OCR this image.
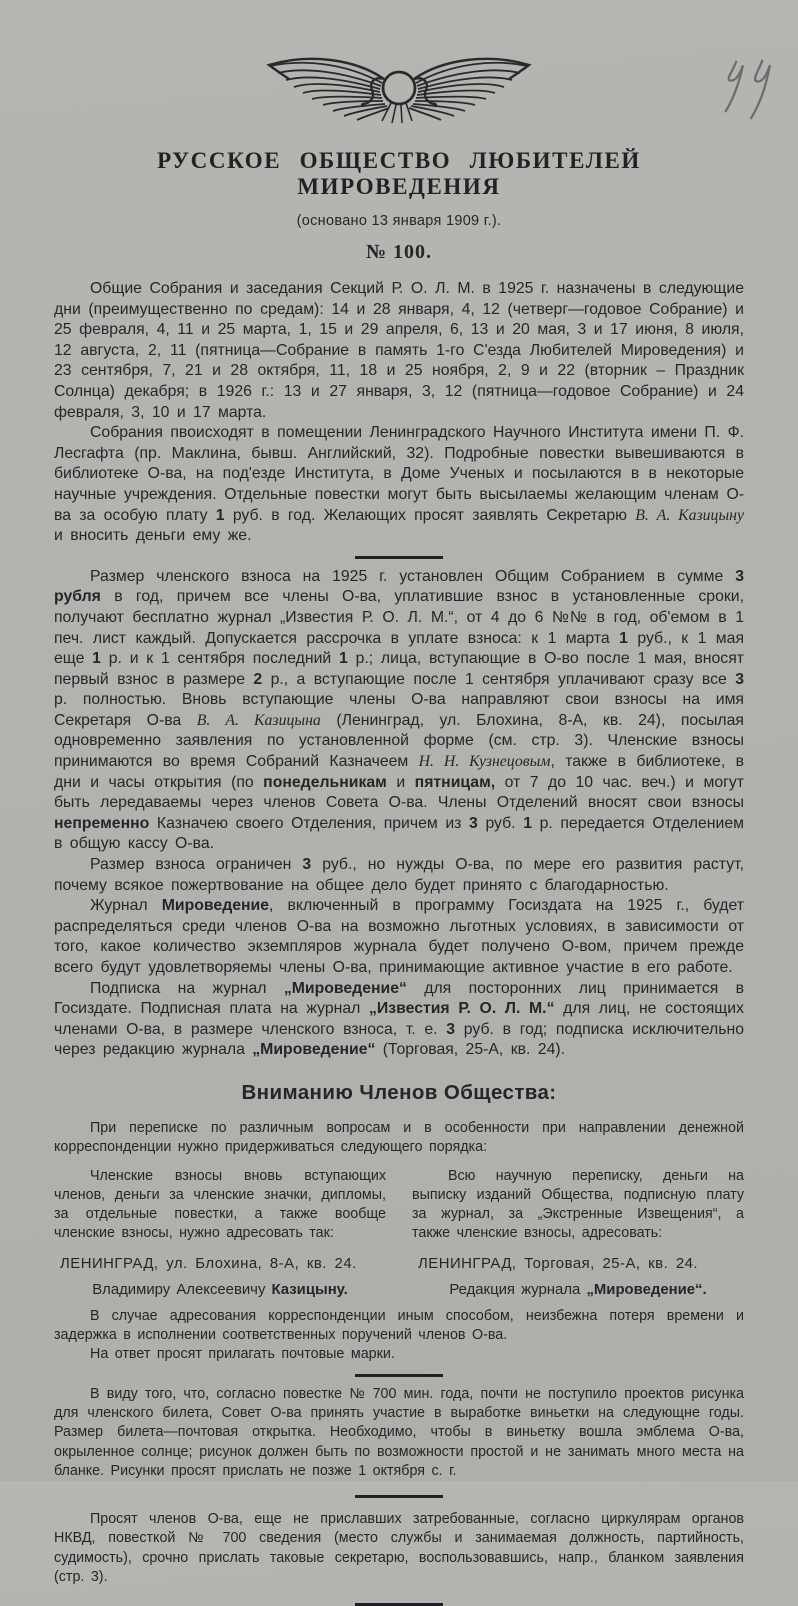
РУССКОЕ ОБЩЕСТВО ЛЮБИТЕЛЕЙ МИРОВЕДЕНИЯ
(основано 13 января 1909 г.).
№ 100.

Общие Собрания и заседания Секций Р. О. Л. М. в 1925 г. назначены в следующие дни (преимущественно по средам): 14 и 28 января, 4, 12 (четверг—годовое Собрание) и 25 февраля, 4, 11 и 25 марта, 1, 15 и 29 апреля, 6, 13 и 20 мая, 3 и 17 июня, 8 июля, 12 августа, 2, 11 (пятница—Собрание в память 1-го С'езда Любителей Мироведения) и 23 сентября, 7, 21 и 28 октября, 11, 18 и 25 ноября, 2, 9 и 22 (вторник – Праздник Солнца) декабря; в 1926 г.: 13 и 27 января, 3, 12 (пятница—годовое Собрание) и 24 февраля, 3, 10 и 17 марта.

Собрания пвоисходят в помещении Ленинградского Научного Института имени П. Ф. Лесгафта (пр. Маклина, бывш. Английский, 32). Подробные повестки вывешиваются в библиотеке О-ва, на под'езде Института, в Доме Ученых и посылаются в в некоторые научные учреждения. Отдельные повестки могут быть высылаемы желающим членам О-ва за особую плату 1 руб. в год. Желающих просят заявлять Секретарю В. А. Казицыну и вносить деньги ему же.

Размер членского взноса на 1925 г. установлен Общим Собранием в сумме 3 рубля в год, причем все члены О-ва, уплатившие взнос в установленные сроки, получают бесплатно журнал „Известия Р. О. Л. М.“, от 4 до 6 №№ в год, об'емом в 1 печ. лист каждый. Допускается рассрочка в уплате взноса: к 1 марта 1 руб., к 1 мая еще 1 р. и к 1 сентября последний 1 р.; лица, вступающие в О-во после 1 мая, вносят первый взнос в размере 2 р., а вступающие после 1 сентября уплачивают сразу все 3 р. полностью. Вновь вступающие члены О-ва направляют свои взносы на имя Секретаря О-ва В. А. Казицына (Ленинград, ул. Блохина, 8-А, кв. 24), посылая одновременно заявления по установленной форме (см. стр. 3). Членские взносы принимаются во время Собраний Казначеем Н. Н. Кузнецовым, также в библиотеке, в дни и часы открытия (по понедельникам и пятницам, от 7 до 10 час. веч.) и могут быть лередаваемы через членов Совета О-ва. Члены Отделений вносят свои взносы непременно Казначею своего Отделения, причем из 3 руб. 1 р. передается Отделением в общую кассу О-ва.

Размер взноса ограничен 3 руб., но нужды О-ва, по мере его развития растут, почему всякое пожертвование на общее дело будет принято с благодарностью.

Журнал Мироведение, включенный в программу Госиздата на 1925 г., будет распределяться среди членов О-ва на возможно льготных условиях, в зависимости от того, какое количество экземпляров журнала будет получено О-вом, причем прежде всего будут удовлетворяемы члены О-ва, принимающие активное участие в его работе.

Подписка на журнал „Мироведение“ для посторонних лиц принимается в Госиздате. Подписная плата на журнал „Известия Р. О. Л. М.“ для лиц, не состоящих членами О-ва, в размере членского взноса, т. е. 3 руб. в год; подписка исключительно через редакцию журнала „Мироведение“ (Торговая, 25-А, кв. 24).

Вниманию Членов Общества:

При переписке по различным вопросам и в особенности при направлении денежной корреспонденции нужно придерживаться следующего порядка:

Членские взносы вновь вступающих членов, деньги за членские значки, дипломы, за отдельные повестки, а также вообще членские взносы, нужно адресовать так:

ЛЕНИНГРАД, ул. Блохина, 8-А, кв. 24.
Владимиру Алексеевичу Казицыну.

Всю научную переписку, деньги на выписку изданий Общества, подписную плату за журнал, за „Экстренные Извещения“, а также членские взносы, адресовать:

ЛЕНИНГРАД, Торговая, 25-А, кв. 24.
Редакция журнала „Мироведение“.

В случае адресования корреспонденции иным способом, неизбежна потеря времени и задержка в исполнении соответственных поручений членов О-ва.

На ответ просят прилагать почтовые марки.

В виду того, что, согласно повестке № 700 мин. года, почти не поступило проектов рисунка для членского билета, Совет О-ва принять участие в выработке виньетки на следующне годы. Размер билета—почтовая открытка. Необходимо, чтобы в виньетку вошла эмблема О-ва, окрыленное солнце; рисунок должен быть по возможности простой и не занимать много места на бланке. Рисунки просят прислать не позже 1 октября с. г.

Просят членов О-ва, еще не приславших затребованные, согласно циркулярам органов НКВД, повесткой № 700 сведения (место службы и занимаемая должность, партийность, судимость), срочно прислать таковые секретарю, воспользовавшись, напр., бланком заявления (стр. 3).
